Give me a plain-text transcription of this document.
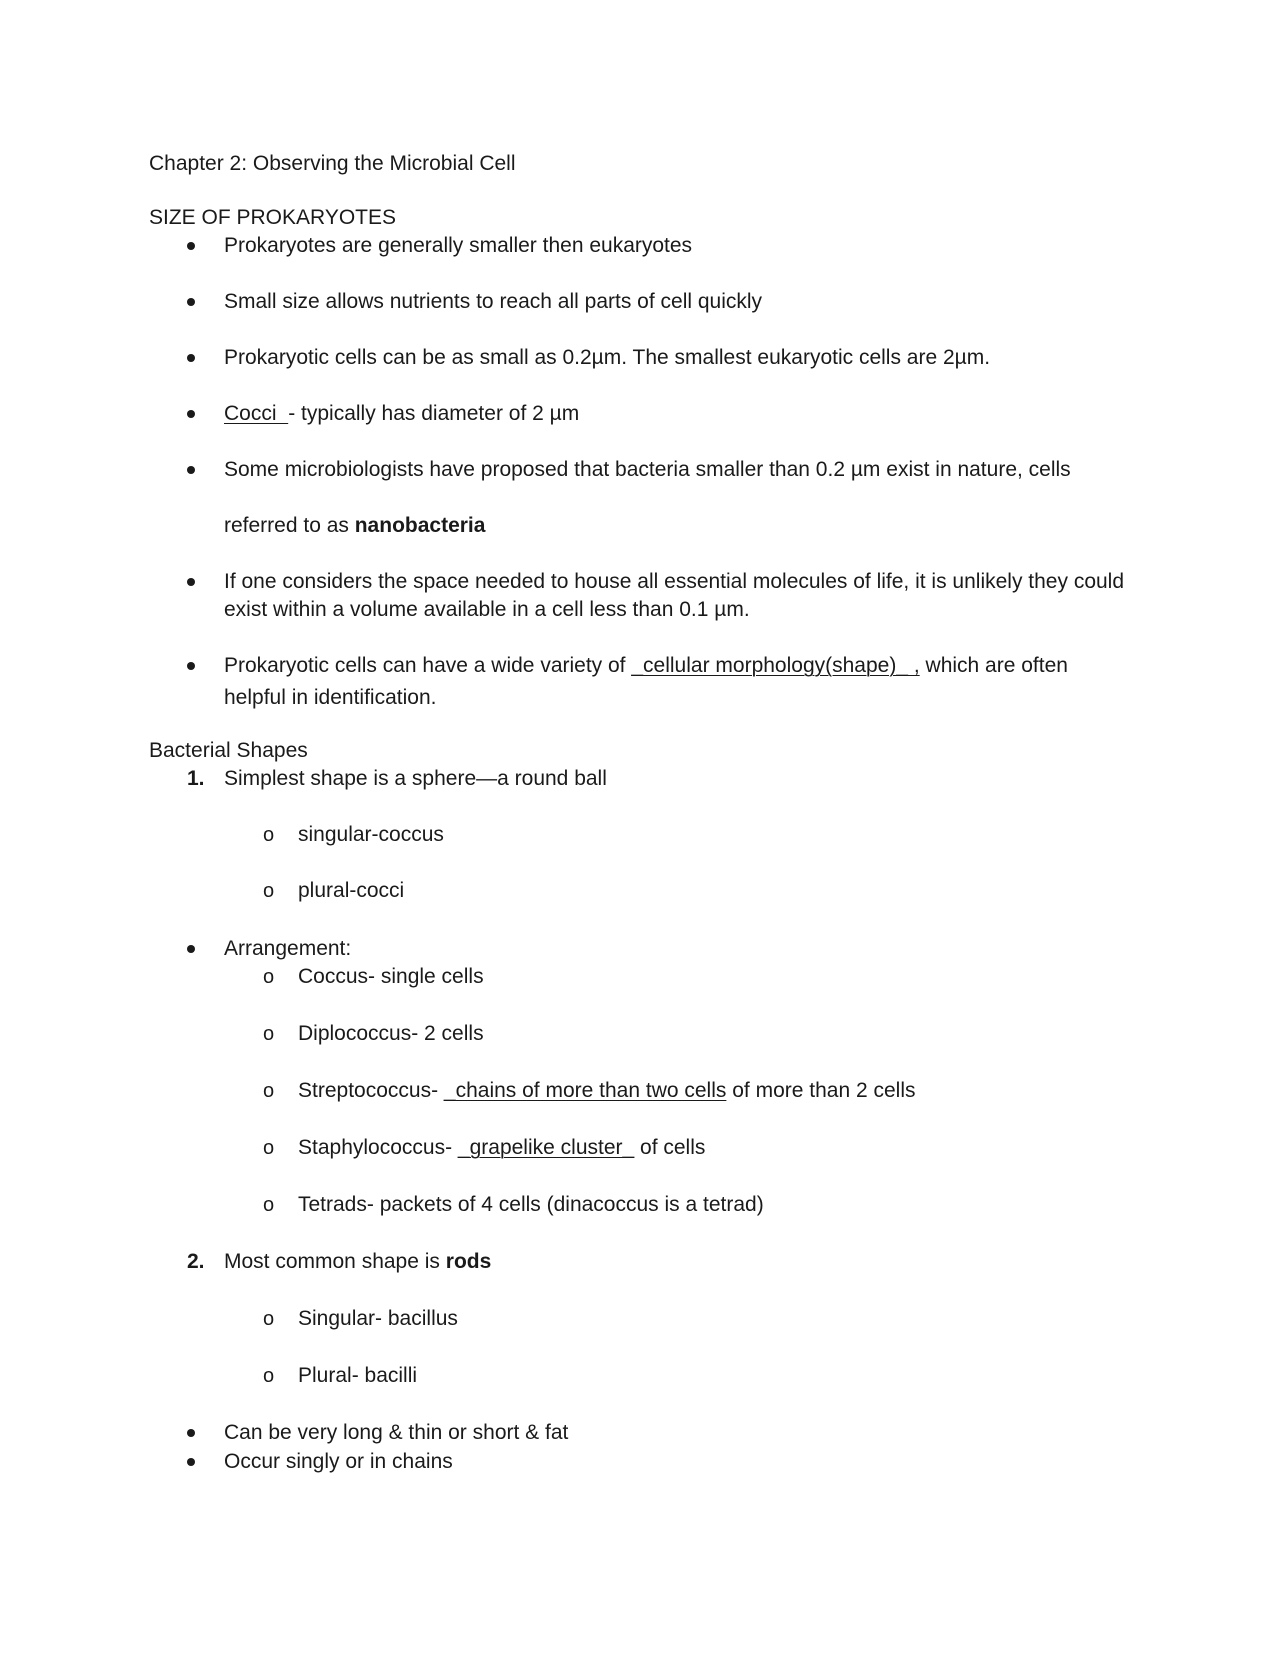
Chapter 2: Observing the Microbial Cell
SIZE OF PROKARYOTES
Prokaryotes are generally smaller then eukaryotes
Small size allows nutrients to reach all parts of cell quickly
Prokaryotic cells can be as small as 0.2µm. The smallest eukaryotic cells are 2µm.
Cocci  - typically has diameter of 2 µm
Some microbiologists have proposed that bacteria smaller than 0.2 µm exist in nature, cells
referred to as nanobacteria
If one considers the space needed to house all essential molecules of life, it is unlikely they could
exist within a volume available in a cell less than 0.1 µm.
Prokaryotic cells can have a wide variety of _cellular morphology(shape)_ , which are often
helpful in identification.
Bacterial Shapes
1. Simplest shape is a sphere—a round ball
o singular-coccus
o plural-cocci
Arrangement:
o Coccus- single cells
o Diplococcus- 2 cells
o Streptococcus- _chains of more than two cells of more than 2 cells
o Staphylococcus- _grapelike cluster_ of cells
o Tetrads- packets of 4 cells (dinacoccus is a tetrad)
2. Most common shape is rods
o Singular- bacillus
o Plural- bacilli
Can be very long & thin or short & fat
Occur singly or in chains
